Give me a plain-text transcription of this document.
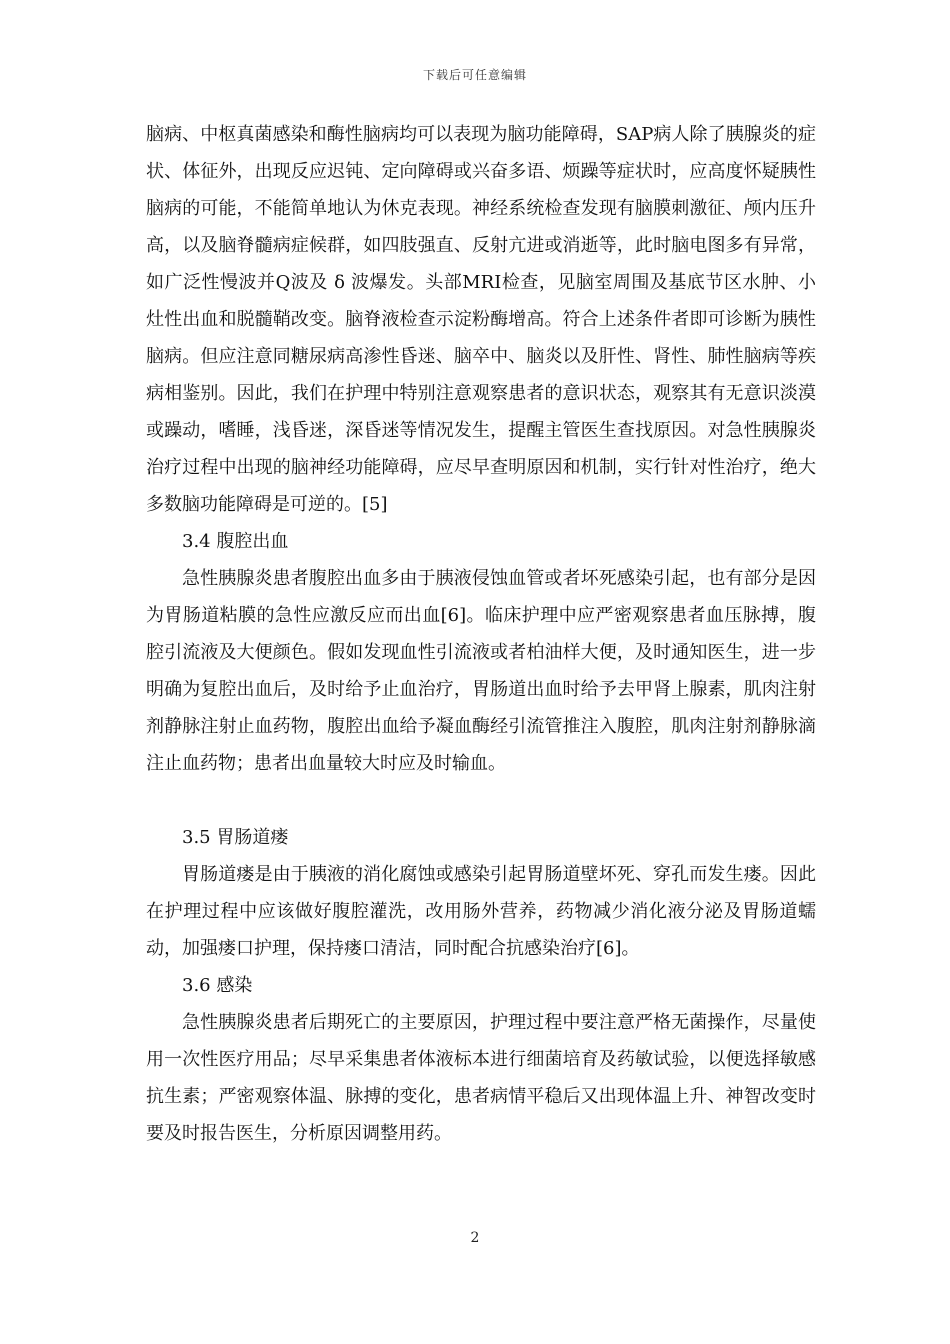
下载后可任意编辑

脑病、中枢真菌感染和酶性脑病均可以表现为脑功能障碍，SAP病人除了胰腺炎的症状、体征外，出现反应迟钝、定向障碍或兴奋多语、烦躁等症状时，应高度怀疑胰性脑病的可能，不能简单地认为休克表现。神经系统检查发现有脑膜刺激征、颅内压升高，以及脑脊髓病症候群，如四肢强直、反射亢进或消逝等，此时脑电图多有异常，如广泛性慢波并Q波及 δ 波爆发。头部MRI检查，见脑室周围及基底节区水肿、小灶性出血和脱髓鞘改变。脑脊液检查示淀粉酶增高。符合上述条件者即可诊断为胰性脑病。但应注意同糖尿病高渗性昏迷、脑卒中、脑炎以及肝性、肾性、肺性脑病等疾病相鉴别。因此，我们在护理中特别注意观察患者的意识状态，观察其有无意识淡漠或躁动，嗜睡，浅昏迷，深昏迷等情况发生，提醒主管医生查找原因。对急性胰腺炎治疗过程中出现的脑神经功能障碍，应尽早查明原因和机制，实行针对性治疗，绝大多数脑功能障碍是可逆的。[5]

3.4 腹腔出血

急性胰腺炎患者腹腔出血多由于胰液侵蚀血管或者坏死感染引起，也有部分是因为胃肠道粘膜的急性应激反应而出血[6]。临床护理中应严密观察患者血压脉搏，腹腔引流液及大便颜色。假如发现血性引流液或者柏油样大便，及时通知医生，进一步明确为复腔出血后，及时给予止血治疗，胃肠道出血时给予去甲肾上腺素，肌肉注射剂静脉注射止血药物，腹腔出血给予凝血酶经引流管推注入腹腔，肌肉注射剂静脉滴注止血药物；患者出血量较大时应及时输血。

3.5 胃肠道瘘

胃肠道瘘是由于胰液的消化腐蚀或感染引起胃肠道壁坏死、穿孔而发生瘘。因此在护理过程中应该做好腹腔灌洗，改用肠外营养，药物减少消化液分泌及胃肠道蠕动，加强瘘口护理，保持瘘口清洁，同时配合抗感染治疗[6]。

3.6 感染

急性胰腺炎患者后期死亡的主要原因，护理过程中要注意严格无菌操作，尽量使用一次性医疗用品；尽早采集患者体液标本进行细菌培育及药敏试验，以便选择敏感抗生素；严密观察体温、脉搏的变化，患者病情平稳后又出现体温上升、神智改变时要及时报告医生，分析原因调整用药。

2
